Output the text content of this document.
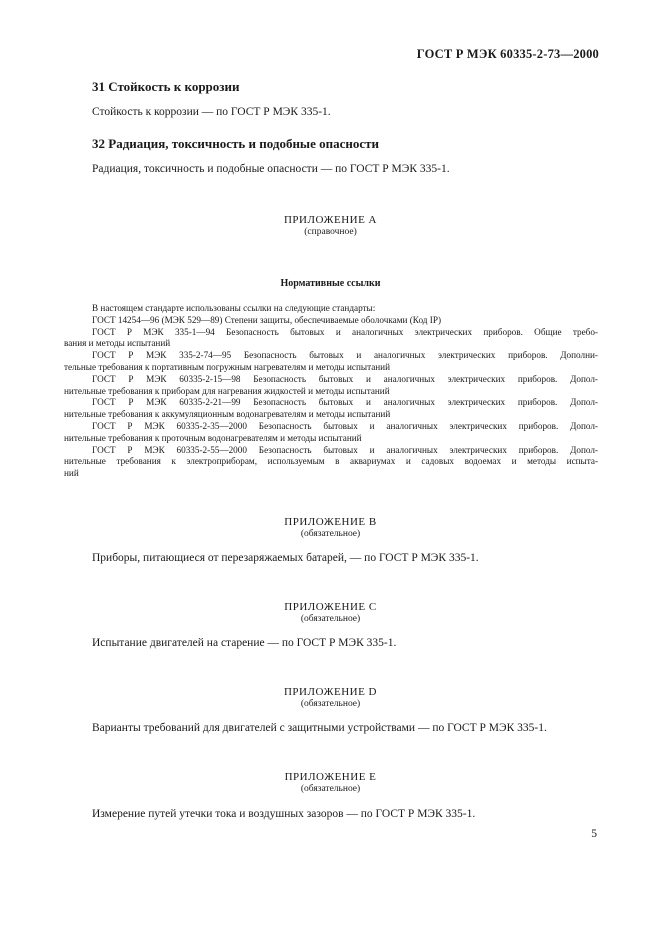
ГОСТ Р МЭК 60335-2-73—2000
31 Стойкость к коррозии
Стойкость к коррозии — по ГОСТ Р МЭК 335-1.
32 Радиация, токсичность и подобные опасности
Радиация, токсичность и подобные опасности — по ГОСТ Р МЭК 335-1.
ПРИЛОЖЕНИЕ А
(справочное)
Нормативные ссылки
В настоящем стандарте использованы ссылки на следующие стандарты:
ГОСТ 14254—96 (МЭК 529—89) Степени защиты, обеспечиваемые оболочками (Код IP)
ГОСТ Р МЭК 335-1—94 Безопасность бытовых и аналогичных электрических приборов. Общие требо-
вания и методы испытаний
ГОСТ Р МЭК 335-2-74—95 Безопасность бытовых и аналогичных электрических приборов. Дополни-
тельные требования к портативным погружным нагревателям и методы испытаний
ГОСТ Р МЭК 60335-2-15—98 Безопасность бытовых и аналогичных электрических приборов. Допол-
нительные требования к приборам для нагревания жидкостей и методы испытаний
ГОСТ Р МЭК 60335-2-21—99 Безопасность бытовых и аналогичных электрических приборов. Допол-
нительные требования к аккумуляционным водонагревателям и методы испытаний
ГОСТ Р МЭК 60335-2-35—2000 Безопасность бытовых и аналогичных электрических приборов. Допол-
нительные требования к проточным водонагревателям и методы испытаний
ГОСТ Р МЭК 60335-2-55—2000 Безопасность бытовых и аналогичных электрических приборов. Допол-
нительные требования к электроприборам, используемым в аквариумах и садовых водоемах и методы испыта-
ний
ПРИЛОЖЕНИЕ В
(обязательное)
Приборы, питающиеся от перезаряжаемых батарей, — по ГОСТ Р МЭК 335-1.
ПРИЛОЖЕНИЕ С
(обязательное)
Испытание двигателей на старение — по ГОСТ Р МЭК 335-1.
ПРИЛОЖЕНИЕ D
(обязательное)
Варианты требований для двигателей с защитными устройствами — по ГОСТ Р МЭК 335-1.
ПРИЛОЖЕНИЕ Е
(обязательное)
Измерение путей утечки тока и воздушных зазоров — по ГОСТ Р МЭК 335-1.
5
